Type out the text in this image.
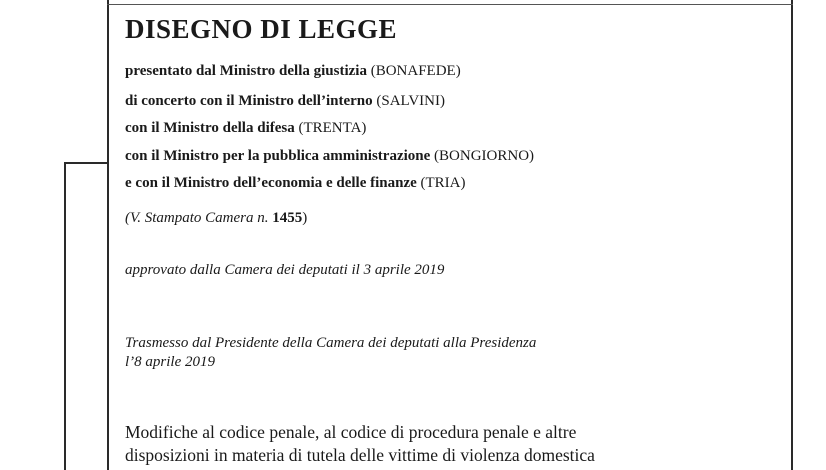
DISEGNO DI LEGGE
presentato dal Ministro della giustizia (BONAFEDE)
di concerto con il Ministro dell’interno (SALVINI)
con il Ministro della difesa (TRENTA)
con il Ministro per la pubblica amministrazione (BONGIORNO)
e con il Ministro dell’economia e delle finanze (TRIA)
(V. Stampato Camera n. 1455)
approvato dalla Camera dei deputati il 3 aprile 2019
Trasmesso dal Presidente della Camera dei deputati alla Presidenza
l’8 aprile 2019
Modifiche al codice penale, al codice di procedura penale e altre
disposizioni in materia di tutela delle vittime di violenza domestica
